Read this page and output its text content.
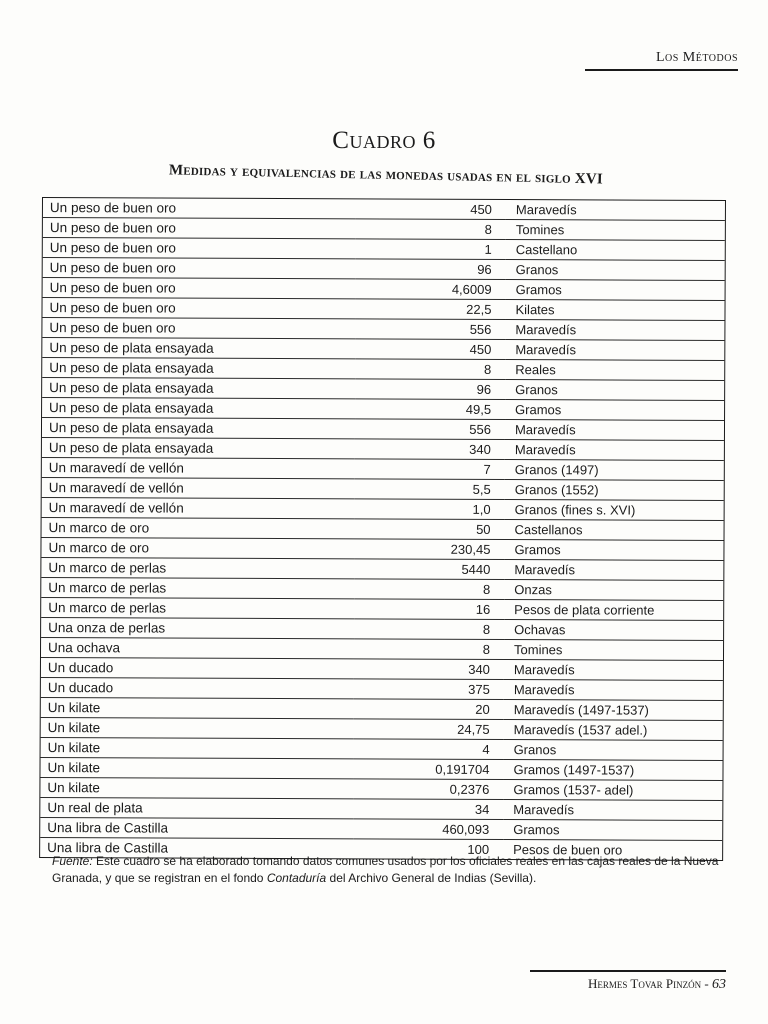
Los Métodos
Cuadro 6
Medidas y equivalencias de las monedas usadas en el siglo XVI
Un peso de buen oro	450	Maravedís
Un peso de buen oro	8	Tomines
Un peso de buen oro	1	Castellano
Un peso de buen oro	96	Granos
Un peso de buen oro	4,6009	Gramos
Un peso de buen oro	22,5	Kilates
Un peso de buen oro	556	Maravedís
Un peso de plata ensayada	450	Maravedís
Un peso de plata ensayada	8	Reales
Un peso de plata ensayada	96	Granos
Un peso de plata ensayada	49,5	Gramos
Un peso de plata ensayada	556	Maravedís
Un peso de plata ensayada	340	Maravedís
Un maravedí de vellón	7	Granos (1497)
Un maravedí de vellón	5,5	Granos (1552)
Un maravedí de vellón	1,0	Granos (fines s. XVI)
Un marco de oro	50	Castellanos
Un marco de oro	230,45	Gramos
Un marco de perlas	5440	Maravedís
Un marco de perlas	8	Onzas
Un marco de perlas	16	Pesos de plata corriente
Una onza de perlas	8	Ochavas
Una ochava	8	Tomines
Un ducado	340	Maravedís
Un ducado	375	Maravedís
Un kilate	20	Maravedís (1497-1537)
Un kilate	24,75	Maravedís (1537 adel.)
Un kilate	4	Granos
Un kilate	0,191704	Gramos (1497-1537)
Un kilate	0,2376	Gramos (1537- adel)
Un real de plata	34	Maravedís
Una libra de Castilla	460,093	Gramos
Una libra de Castilla	100	Pesos de buen oro
Fuente: Este cuadro se ha elaborado tomando datos comunes usados por los oficiales reales en las cajas reales de la Nueva Granada, y que se registran en el fondo Contaduría del Archivo General de Indias (Sevilla).
Hermes Tovar Pinzón - 63
